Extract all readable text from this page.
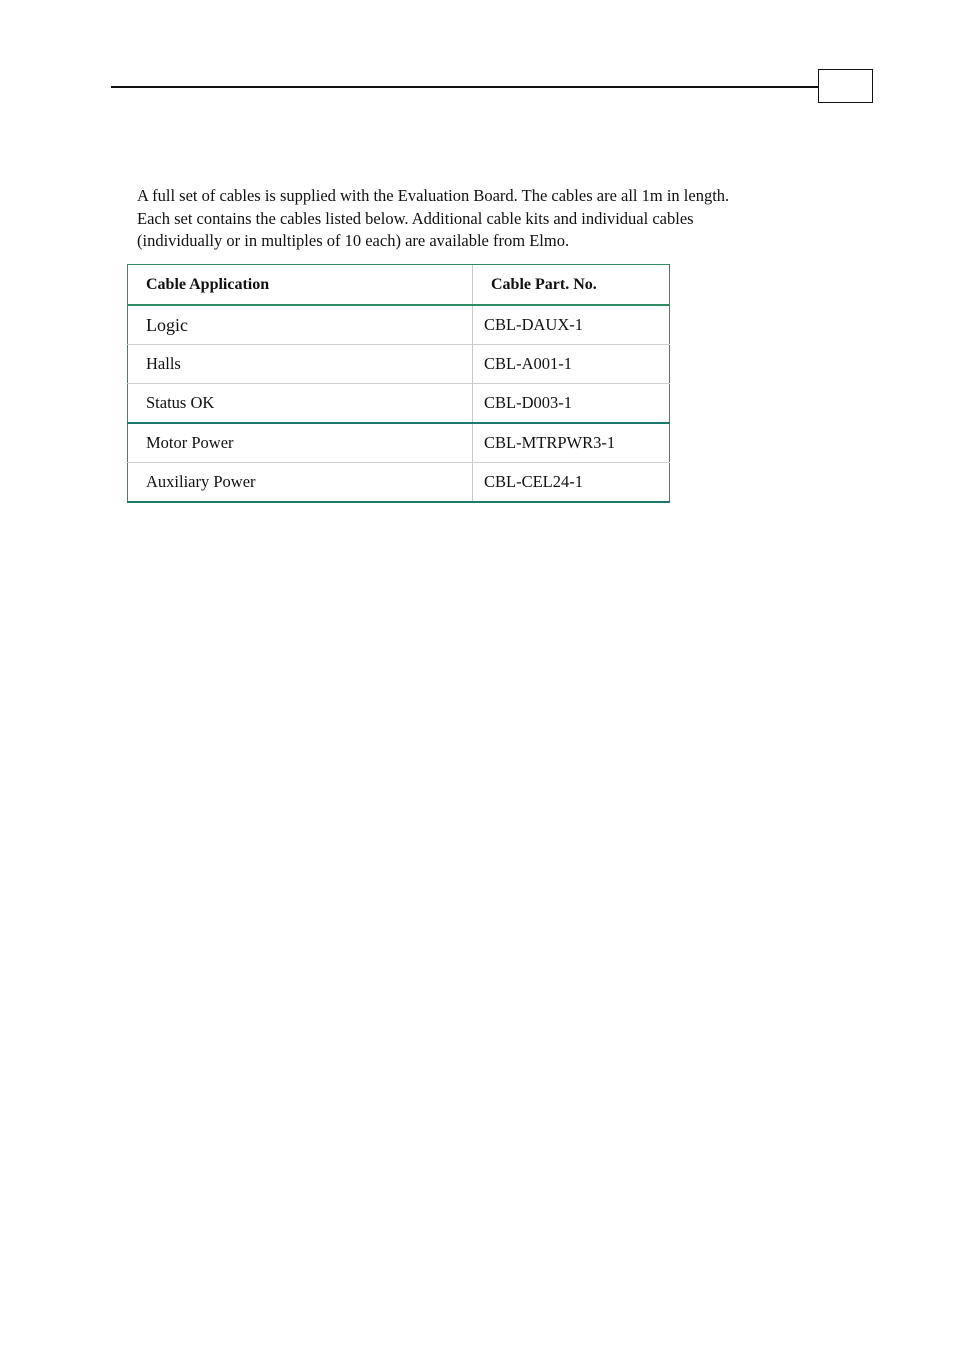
A full set of cables is supplied with the Evaluation Board. The cables are all 1m in length.
Each set contains the cables listed below. Additional cable kits and individual cables
(individually or in multiples of 10 each) are available from Elmo.

Cable Application	Cable Part. No.
Logic	CBL-DAUX-1
Halls	CBL-A001-1
Status OK	CBL-D003-1
Motor Power	CBL-MTRPWR3-1
Auxiliary Power	CBL-CEL24-1
